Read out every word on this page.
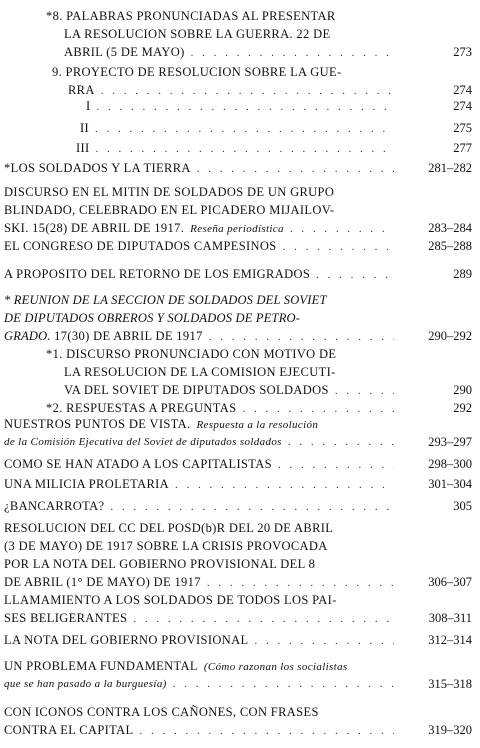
*8. PALABRAS PRONUNCIADAS AL PRESENTAR
LA RESOLUCION SOBRE LA GUERRA. 22 DE
ABRIL (5 DE MAYO) . . .	273
9. PROYECTO DE RESOLUCION SOBRE LA GUE-
RRA . . .	274
I . . .	274
II . . .	275
III . . .	277
*LOS SOLDADOS Y LA TIERRA . . .	281–282
DISCURSO EN EL MITIN DE SOLDADOS DE UN GRUPO
BLINDADO, CELEBRADO EN EL PICADERO MIJAILOV-
SKI. 15(28) DE ABRIL DE 1917. Reseña periodística . . .	283–284
EL CONGRESO DE DIPUTADOS CAMPESINOS . . .	285–288
A PROPOSITO DEL RETORNO DE LOS EMIGRADOS . . .	289
* REUNION DE LA SECCION DE SOLDADOS DEL SOVIET
DE DIPUTADOS OBREROS Y SOLDADOS DE PETRO-
GRADO. 17(30) DE ABRIL DE 1917 . . .	290–292
*1. DISCURSO PRONUNCIADO CON MOTIVO DE
LA RESOLUCION DE LA COMISION EJECUTI-
VA DEL SOVIET DE DIPUTADOS SOLDADOS . . .	290
*2. RESPUESTAS A PREGUNTAS . . .	292
NUESTROS PUNTOS DE VISTA. Respuesta a la resolución
de la Comisión Ejecutiva del Soviet de diputados soldados . . .	293–297
COMO SE HAN ATADO A LOS CAPITALISTAS . . .	298–300
UNA MILICIA PROLETARIA . . .	301–304
¿BANCARROTA? . . .	305
RESOLUCION DEL CC DEL POSD(b)R DEL 20 DE ABRIL
(3 DE MAYO) DE 1917 SOBRE LA CRISIS PROVOCADA
POR LA NOTA DEL GOBIERNO PROVISIONAL DEL 8
DE ABRIL (1° DE MAYO) DE 1917 . . .	306–307
LLAMAMIENTO A LOS SOLDADOS DE TODOS LOS PAI-
SES BELIGERANTES . . .	308–311
LA NOTA DEL GOBIERNO PROVISIONAL . . .	312–314
UN PROBLEMA FUNDAMENTAL (Cómo razonan los socialistas
que se han pasado a la burguesía) . . .	315–318
CON ICONOS CONTRA LOS CAÑONES, CON FRASES
CONTRA EL CAPITAL . . .	319–320
